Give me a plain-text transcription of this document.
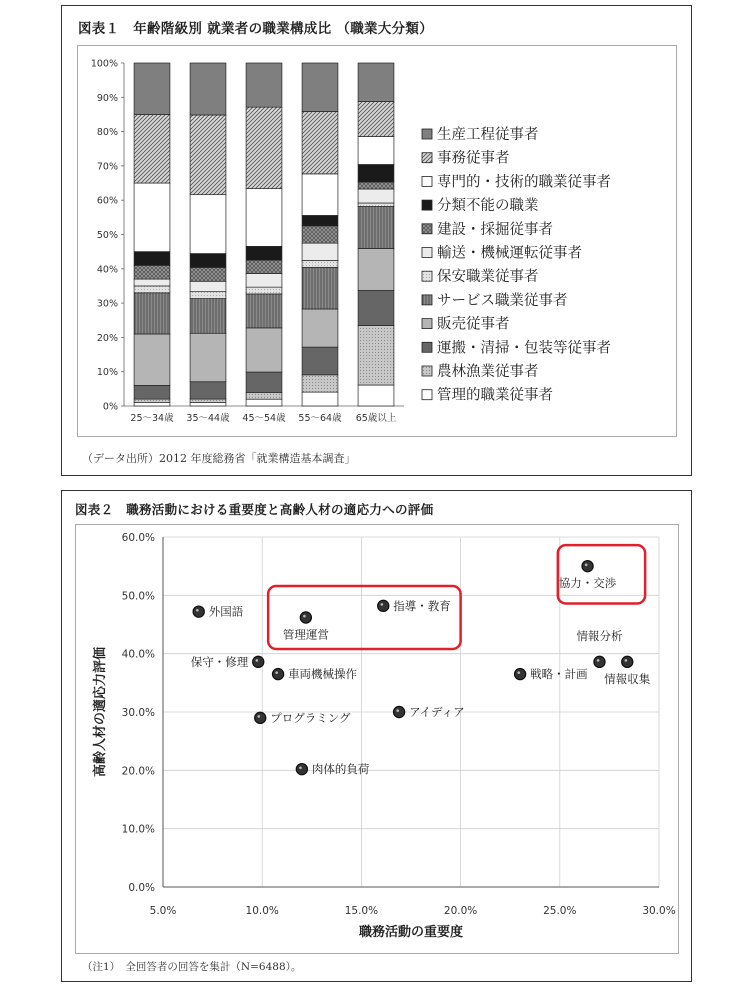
図表１　年齢階級別 就業者の職業構成比 （職業大分類）
0%
10%
20%
30%
40%
50%
60%
70%
80%
90%
100%
25～34歳 35～44歳 45～54歳 55～64歳 65歳以上
生産工程従事者
事務従事者
専門的・技術的職業従事者
分類不能の職業
建設・採掘従事者
輸送・機械運転従事者
保安職業従事者
サービス職業従事者
販売従事者
運搬・清掃・包装等従事者
農林漁業従事者
管理的職業従事者
（データ出所）2012 年度総務省「就業構造基本調査」
図表２　職務活動における重要度と高齢人材の適応力への評価
0.0%
10.0%
20.0%
30.0%
40.0%
50.0%
60.0%
5.0%	10.0%	15.0%	20.0%	25.0%	30.0%
職務活動の重要度
高齢人材の適応力評価
外国語
管理運営
指導・教育
協力・交渉
保守・修理
車両機械操作	戦略・計画
情報分析
情報収集
プログラミング	アイディア
肉体的負荷
（注1）　全回答者の回答を集計（N=6488）。
